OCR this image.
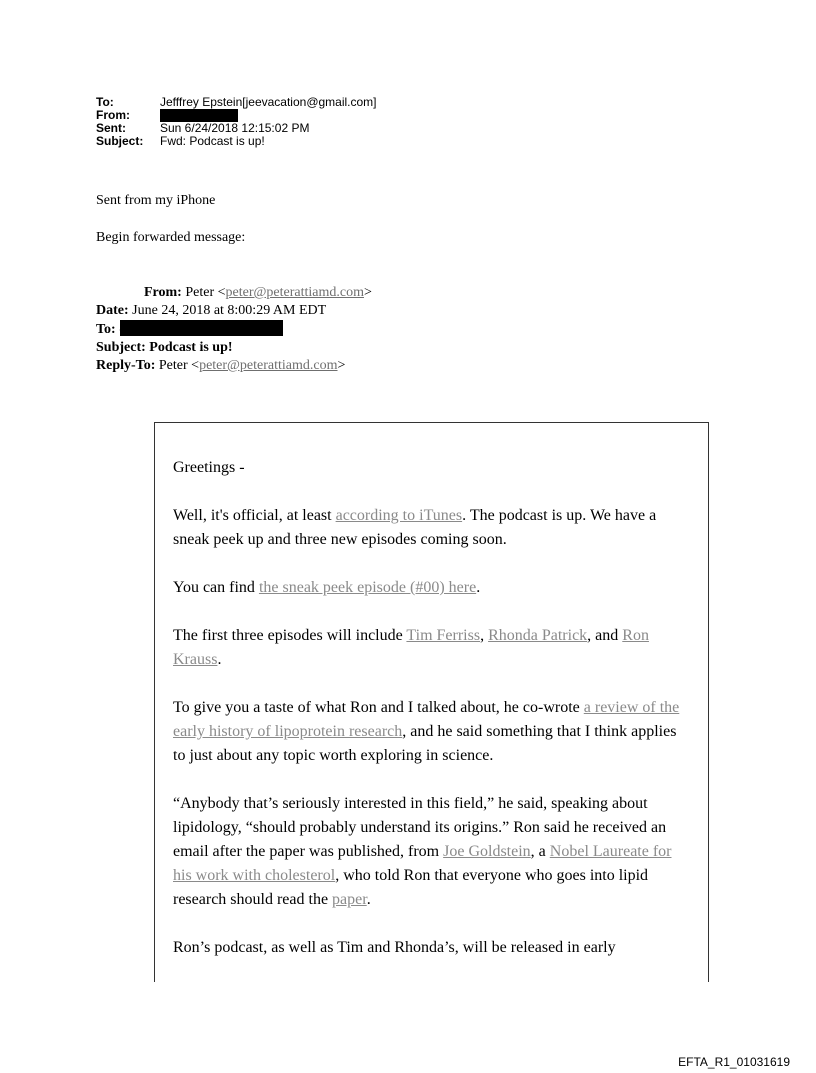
To:	Jefffrey Epstein[jeevacation@gmail.com]
From:
Sent:	Sun 6/24/2018 12:15:02 PM
Subject:	Fwd: Podcast is up!
Sent from my iPhone
Begin forwarded message:
From: Peter <peter@peterattiamd.com>
Date: June 24, 2018 at 8:00:29 AM EDT
To:
Subject: Podcast is up!
Reply-To: Peter <peter@peterattiamd.com>

Greetings -

Well, it's official, at least according to iTunes. The podcast is up. We have a sneak peek up and three new episodes coming soon.

You can find the sneak peek episode (#00) here.

The first three episodes will include Tim Ferriss, Rhonda Patrick, and Ron Krauss.

To give you a taste of what Ron and I talked about, he co-wrote a review of the early history of lipoprotein research, and he said something that I think applies to just about any topic worth exploring in science.

“Anybody that’s seriously interested in this field,” he said, speaking about lipidology, “should probably understand its origins.” Ron said he received an email after the paper was published, from Joe Goldstein, a Nobel Laureate for his work with cholesterol, who told Ron that everyone who goes into lipid research should read the paper.

Ron’s podcast, as well as Tim and Rhonda’s, will be released in early

EFTA_R1_01031619
